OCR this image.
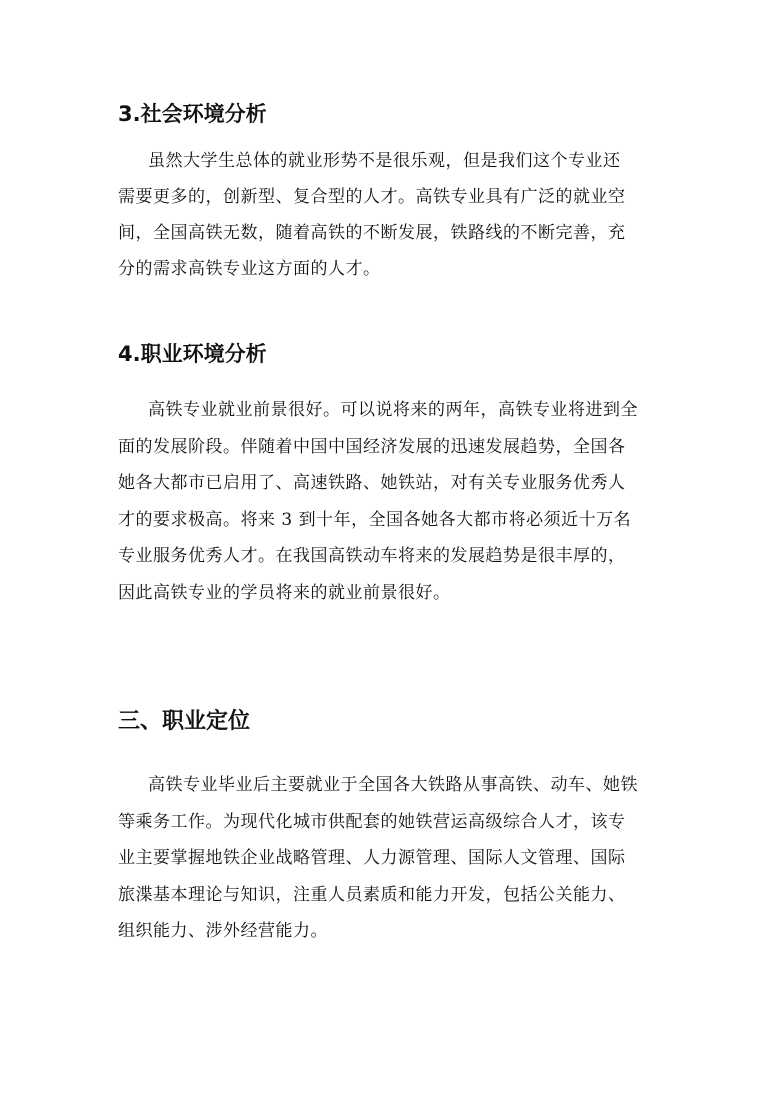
3.社会环境分析
虽然大学生总体的就业形势不是很乐观，但是我们这个专业还
需要更多的，创新型、复合型的人才。高铁专业具有广泛的就业空
间，全国高铁无数，随着高铁的不断发展，铁路线的不断完善，充
分的需求高铁专业这方面的人才。
4.职业环境分析
高铁专业就业前景很好。可以说将来的两年，高铁专业将进到全
面的发展阶段。伴随着中国中国经济发展的迅速发展趋势，全国各
她各大都市已启用了、高速铁路、她铁站，对有关专业服务优秀人
才的要求极高。将来 3 到十年，全国各她各大都市将必须近十万名
专业服务优秀人才。在我国高铁动车将来的发展趋势是很丰厚的，
因此高铁专业的学员将来的就业前景很好。
三、职业定位
高铁专业毕业后主要就业于全国各大铁路从事高铁、动车、她铁
等乘务工作。为现代化城市供配套的她铁营运高级综合人才，该专
业主要掌握地铁企业战略管理、人力源管理、国际人文管理、国际
旅渫基本理论与知识，注重人员素质和能力开发，包括公关能力、
组织能力、涉外经营能力。
